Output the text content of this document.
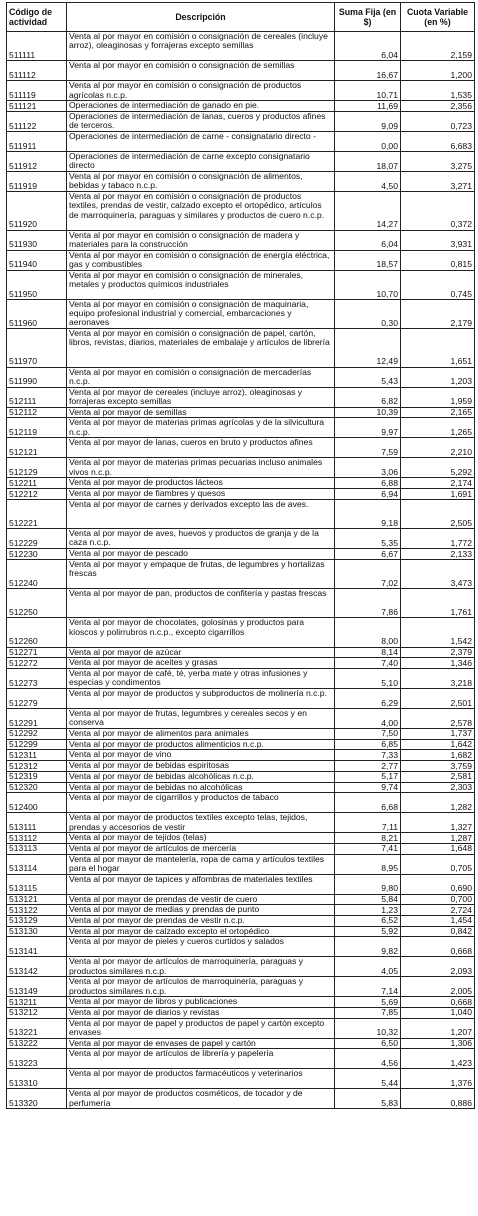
Código de actividad	Descripción	Suma Fija (en $)	Cuota Variable (en %)
511111	Venta al por mayor en comisión o consignación de cereales (incluye arroz), oleaginosas y forrajeras excepto semillas	6,04	2,159
511112	Venta al por mayor en comisión o consignación de semillas	16,67	1,200
511119	Venta al por mayor en comisión o consignación de productos agrícolas n.c.p.	10,71	1,535
511121	Operaciones de intermediación de ganado en pie.	11,69	2,356
511122	Operaciones de intermediación de lanas, cueros y productos afines de terceros.	9,09	0,723
511911	Operaciones de intermediación de carne - consignatario directo -	0,00	6,683
511912	Operaciones de intermediación de carne excepto consignatario directo	18,07	3,275
511919	Venta al por mayor en comisión o consignación de alimentos, bebidas y tabaco n.c.p.	4,50	3,271
511920	Venta al por mayor en comisión o consignación de productos textiles, prendas de vestir, calzado excepto el ortopédico, artículos de marroquinería, paraguas y similares y productos de cuero n.c.p.	14,27	0,372
511930	Venta al por mayor en comisión o consignación de madera y materiales para la construcción	6,04	3,931
511940	Venta al por mayor en comisión o consignación de energía eléctrica, gas y combustibles	18,57	0,815
511950	Venta al por mayor en comisión o consignación de minerales, metales y productos químicos industriales	10,70	0,745
511960	Venta al por mayor en comisión o consignación de maquinaria, equipo profesional industrial y comercial, embarcaciones y aeronaves	0,30	2,179
511970	Venta al por mayor en comisión o consignación de papel, cartón, libros, revistas, diarios, materiales de embalaje y artículos de librería	12,49	1,651
511990	Venta al por mayor en comisión o consignación de mercaderías n.c.p.	5,43	1,203
512111	Venta al por mayor de cereales (incluye arroz), oleaginosas y forrajeras excepto semillas	6,82	1,959
512112	Venta al por mayor de semillas	10,39	2,165
512119	Venta al por mayor de materias primas agrícolas y de la silvicultura n.c.p.	9,97	1,265
512121	Venta al por mayor de lanas, cueros en bruto y productos afines	7,59	2,210
512129	Venta al por mayor de materias primas pecuarias incluso animales vivos n.c.p.	3,06	5,292
512211	Venta al por mayor de productos lácteos	6,88	2,174
512212	Venta al por mayor de fiambres y quesos	6,94	1,691
512221	Venta al por mayor de carnes y derivados excepto las de aves.	9,18	2,505
512229	Venta al por mayor de aves, huevos y productos de granja y de la caza n.c.p.	5,35	1,772
512230	Venta al por mayor de pescado	6,67	2,133
512240	Venta al por mayor y empaque de frutas, de legumbres y hortalizas frescas	7,02	3,473
512250	Venta al por mayor de pan, productos de confitería y pastas frescas	7,86	1,761
512260	Venta al por mayor de chocolates, golosinas y productos para kioscos y polirrubros n.c.p., excepto cigarrillos	8,00	1,542
512271	Venta al por mayor de azúcar	8,14	2,379
512272	Venta al por mayor de aceites y grasas	7,40	1,346
512273	Venta al por mayor de café, té, yerba mate y otras infusiones y especias y condimentos	5,10	3,218
512279	Venta al por mayor de productos y subproductos de molinería n.c.p.	6,29	2,501
512291	Venta al por mayor de frutas, legumbres y cereales secos y en conserva	4,00	2,578
512292	Venta al por mayor de alimentos para animales	7,50	1,737
512299	Venta al por mayor de productos alimenticios n.c.p.	6,85	1,642
512311	Venta al por mayor de vino	7,33	1,682
512312	Venta al por mayor de bebidas espiritosas	2,77	3,759
512319	Venta al por mayor de bebidas alcohólicas n.c.p.	5,17	2,581
512320	Venta al por mayor de bebidas no alcohólicas	9,74	2,303
512400	Venta al por mayor de cigarrillos y productos de tabaco	6,68	1,282
513111	Venta al por mayor de productos textiles excepto telas, tejidos, prendas y accesorios de vestir	7,11	1,327
513112	Venta al por mayor de tejidos (telas)	8,21	1,287
513113	Venta al por mayor de artículos de mercería	7,41	1,648
513114	Venta al por mayor de mantelería, ropa de cama y artículos textiles para el hogar	8,95	0,705
513115	Venta al por mayor de tapices y alfombras de materiales textiles	9,80	0,690
513121	Venta al por mayor de prendas de vestir de cuero	5,84	0,700
513122	Venta al por mayor de medias y prendas de punto	1,23	2,724
513129	Venta al por mayor de prendas de vestir n.c.p.	6,52	1,454
513130	Venta al por mayor de calzado excepto el ortopédico	5,92	0,842
513141	Venta al por mayor de pieles y cueros curtidos y salados	9,82	0,668
513142	Venta al por mayor de artículos de marroquinería, paraguas y productos similares n.c.p.	4,05	2,093
513149	Venta al por mayor de artículos de marroquinería, paraguas y productos similares n.c.p.	7,14	2,005
513211	Venta al por mayor de libros y publicaciones	5,69	0,668
513212	Venta al por mayor de diarios y revistas	7,85	1,040
513221	Venta al por mayor de papel y productos de papel y cartón excepto envases	10,32	1,207
513222	Venta al por mayor de envases de papel y cartón	6,50	1,306
513223	Venta al por mayor de artículos de librería y papelería	4,56	1,423
513310	Venta al por mayor de productos farmacéuticos y veterinarios	5,44	1,376
513320	Venta al por mayor de productos cosméticos, de tocador y de perfumería	5,83	0,886
